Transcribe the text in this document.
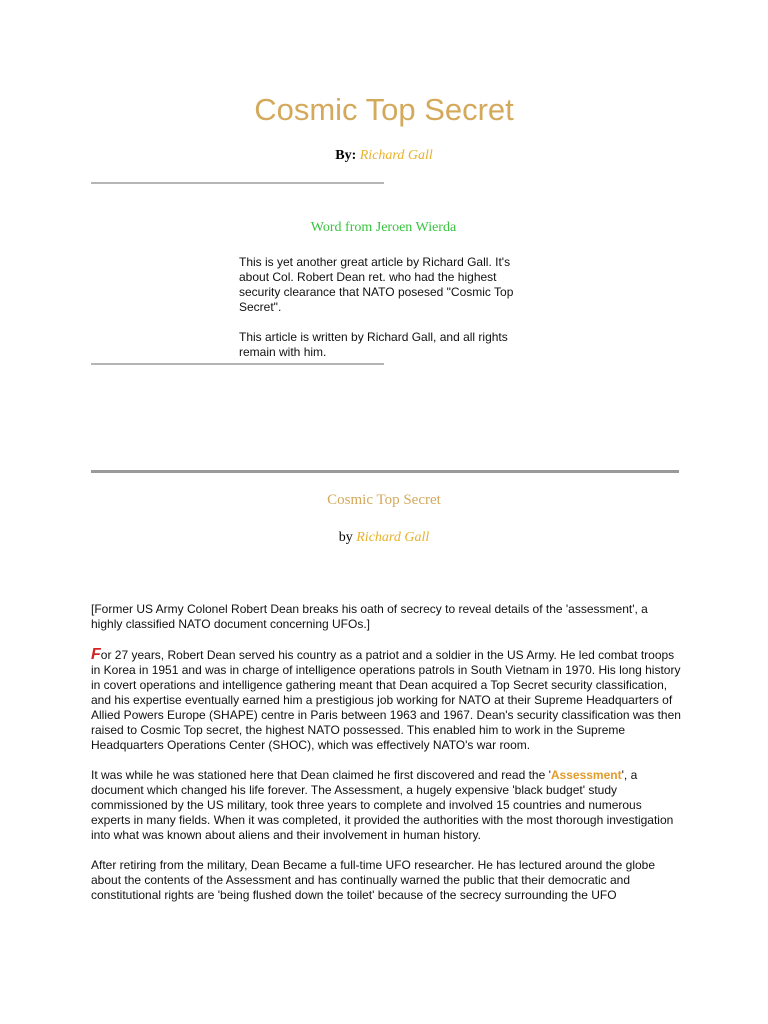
Cosmic Top Secret
By: Richard Gall
Word from Jeroen Wierda

This is yet another great article by Richard Gall. It's about Col. Robert Dean ret. who had the highest security clearance that NATO posesed "Cosmic Top Secret".

This article is written by Richard Gall, and all rights remain with him.

Cosmic Top Secret
by Richard Gall

[Former US Army Colonel Robert Dean breaks his oath of secrecy to reveal details of the 'assessment', a highly classified NATO document concerning UFOs.]

For 27 years, Robert Dean served his country as a patriot and a soldier in the US Army. He led combat troops in Korea in 1951 and was in charge of intelligence operations patrols in South Vietnam in 1970. His long history in covert operations and intelligence gathering meant that Dean acquired a Top Secret security classification, and his expertise eventually earned him a prestigious job working for NATO at their Supreme Headquarters of Allied Powers Europe (SHAPE) centre in Paris between 1963 and 1967. Dean's security classification was then raised to Cosmic Top secret, the highest NATO possessed. This enabled him to work in the Supreme Headquarters Operations Center (SHOC), which was effectively NATO's war room.

It was while he was stationed here that Dean claimed he first discovered and read the 'Assessment', a document which changed his life forever. The Assessment, a hugely expensive 'black budget' study commissioned by the US military, took three years to complete and involved 15 countries and numerous experts in many fields. When it was completed, it provided the authorities with the most thorough investigation into what was known about aliens and their involvement in human history.

After retiring from the military, Dean Became a full-time UFO researcher. He has lectured around the globe about the contents of the Assessment and has continually warned the public that their democratic and constitutional rights are 'being flushed down the toilet' because of the secrecy surrounding the UFO
